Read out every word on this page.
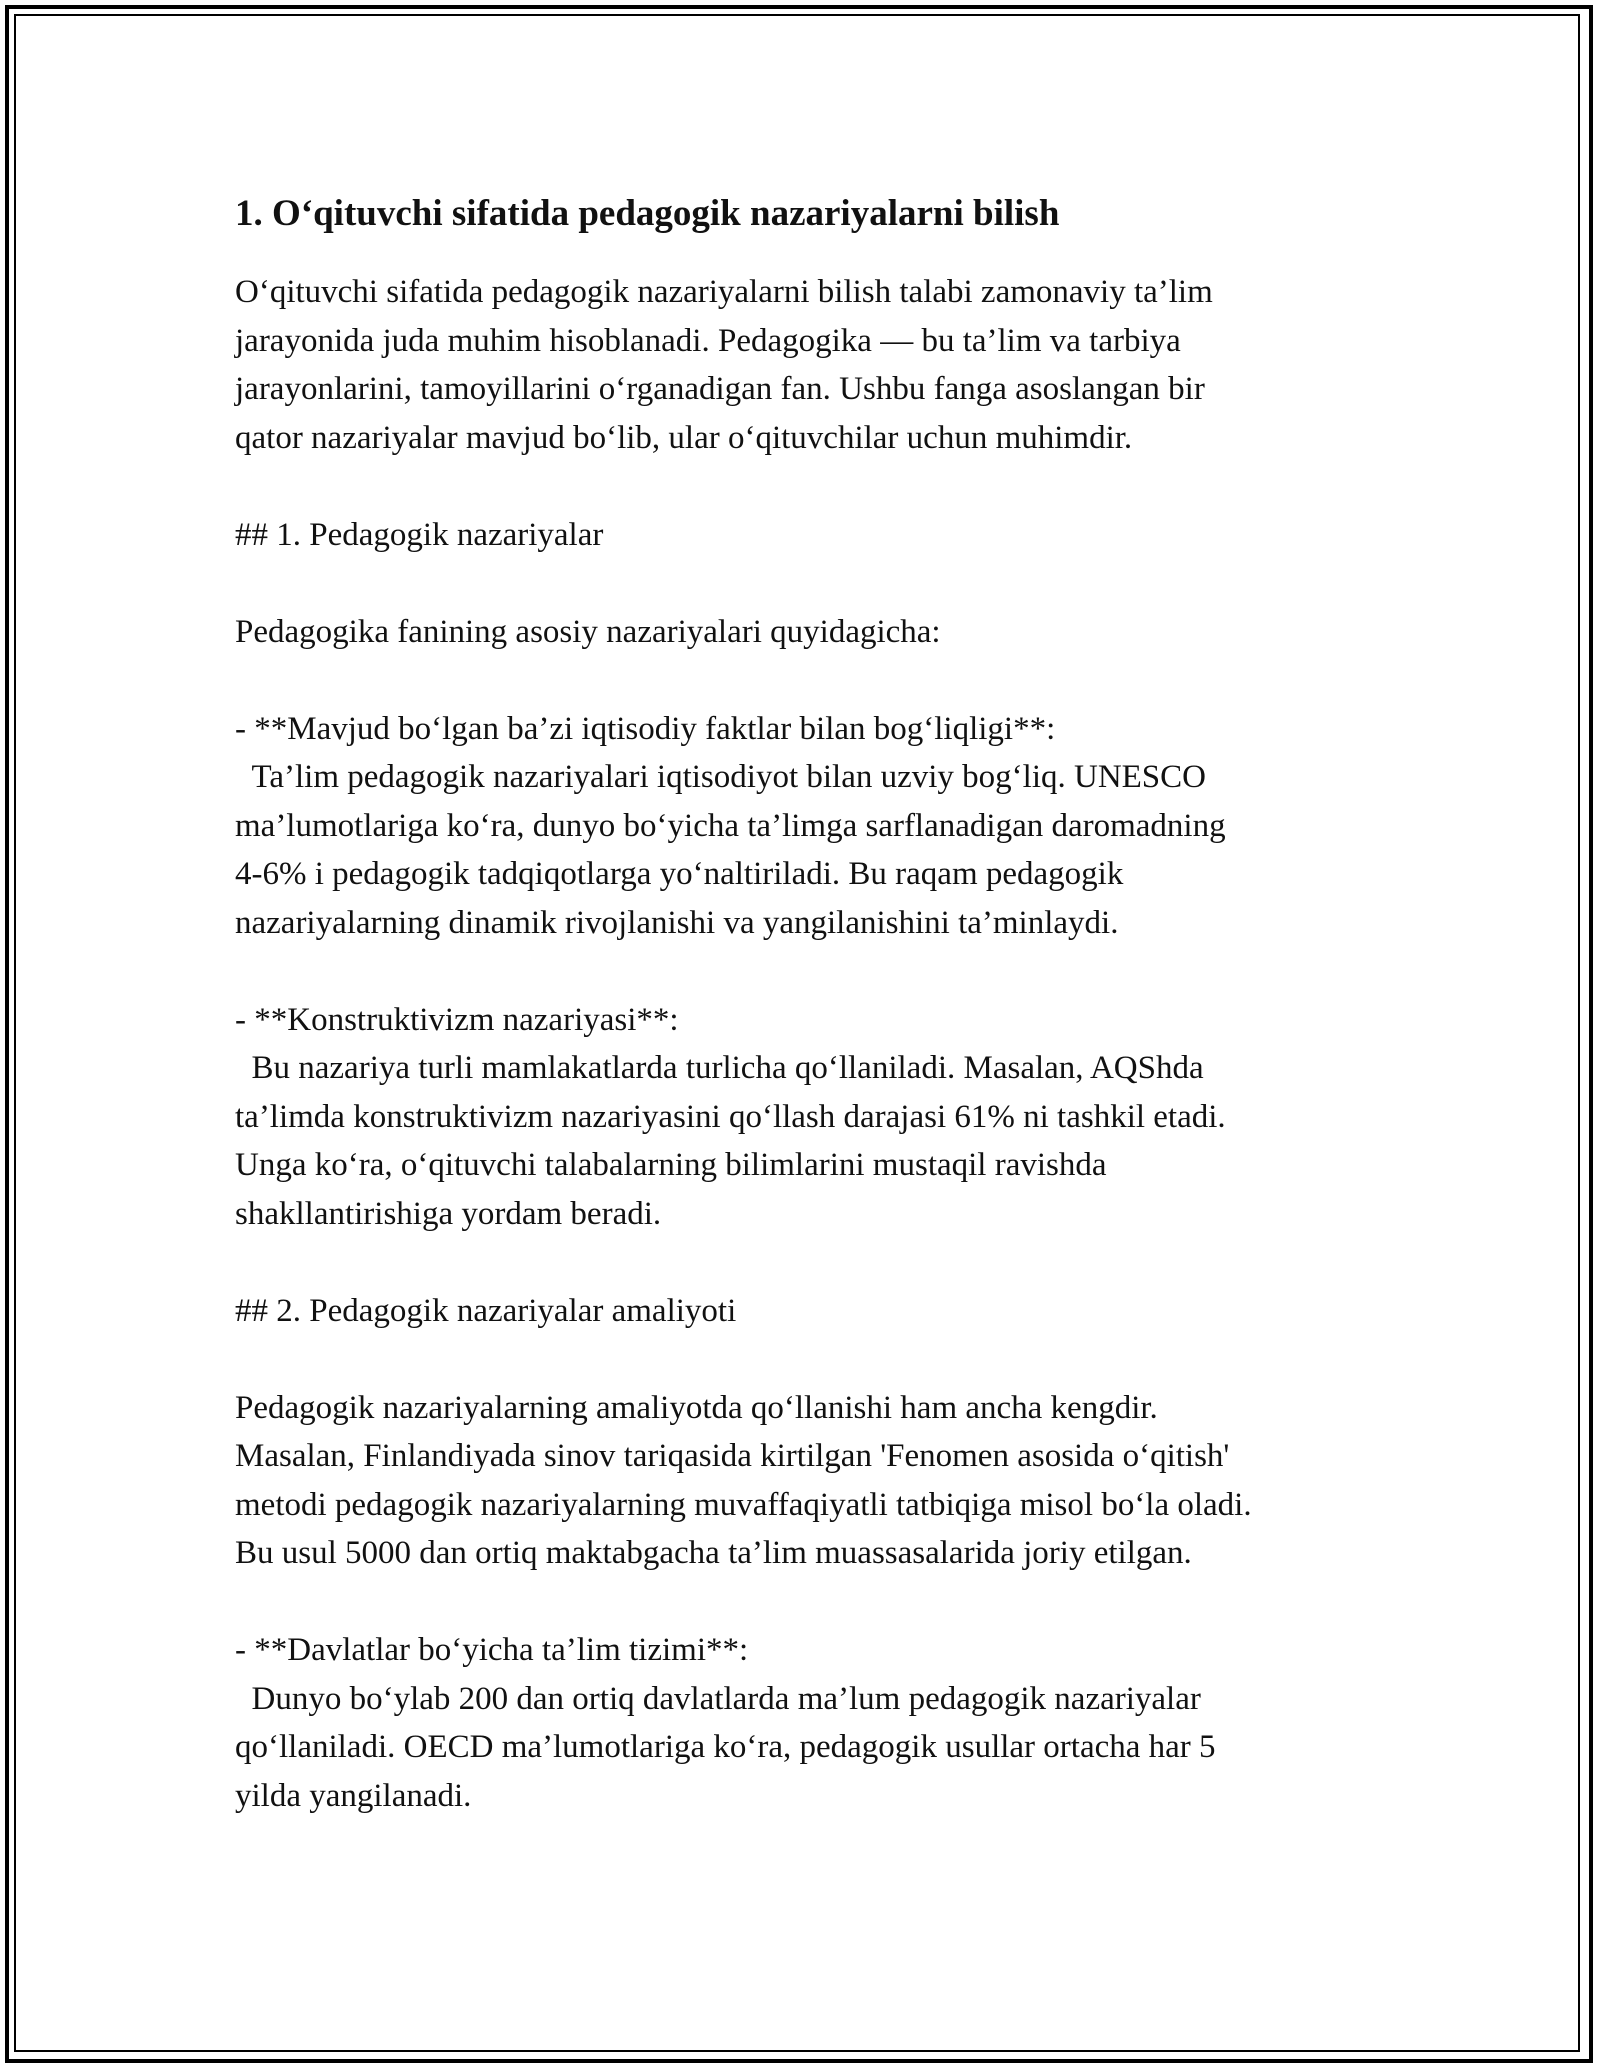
1. O‘qituvchi sifatida pedagogik nazariyalarni bilish

O‘qituvchi sifatida pedagogik nazariyalarni bilish talabi zamonaviy ta’lim

jarayonida juda muhim hisoblanadi. Pedagogika — bu ta’lim va tarbiya

jarayonlarini, tamoyillarini o‘rganadigan fan. Ushbu fanga asoslangan bir

qator nazariyalar mavjud bo‘lib, ular o‘qituvchilar uchun muhimdir.

## 1. Pedagogik nazariyalar

Pedagogika fanining asosiy nazariyalari quyidagicha:

- **Mavjud bo‘lgan ba’zi iqtisodiy faktlar bilan bog‘liqligi**:

Ta’lim pedagogik nazariyalari iqtisodiyot bilan uzviy bog‘liq. UNESCO

ma’lumotlariga ko‘ra, dunyo bo‘yicha ta’limga sarflanadigan daromadning

4-6% i pedagogik tadqiqotlarga yo‘naltiriladi. Bu raqam pedagogik

nazariyalarning dinamik rivojlanishi va yangilanishini ta’minlaydi.

- **Konstruktivizm nazariyasi**:

Bu nazariya turli mamlakatlarda turlicha qo‘llaniladi. Masalan, AQShda

ta’limda konstruktivizm nazariyasini qo‘llash darajasi 61% ni tashkil etadi.

Unga ko‘ra, o‘qituvchi talabalarning bilimlarini mustaqil ravishda

shakllantirishiga yordam beradi.

## 2. Pedagogik nazariyalar amaliyoti

Pedagogik nazariyalarning amaliyotda qo‘llanishi ham ancha kengdir.

Masalan, Finlandiyada sinov tariqasida kirtilgan 'Fenomen asosida o‘qitish'

metodi pedagogik nazariyalarning muvaffaqiyatli tatbiqiga misol bo‘la oladi.

Bu usul 5000 dan ortiq maktabgacha ta’lim muassasalarida joriy etilgan.

- **Davlatlar bo‘yicha ta’lim tizimi**:

Dunyo bo‘ylab 200 dan ortiq davlatlarda ma’lum pedagogik nazariyalar

qo‘llaniladi. OECD ma’lumotlariga ko‘ra, pedagogik usullar ortacha har 5

yilda yangilanadi.
